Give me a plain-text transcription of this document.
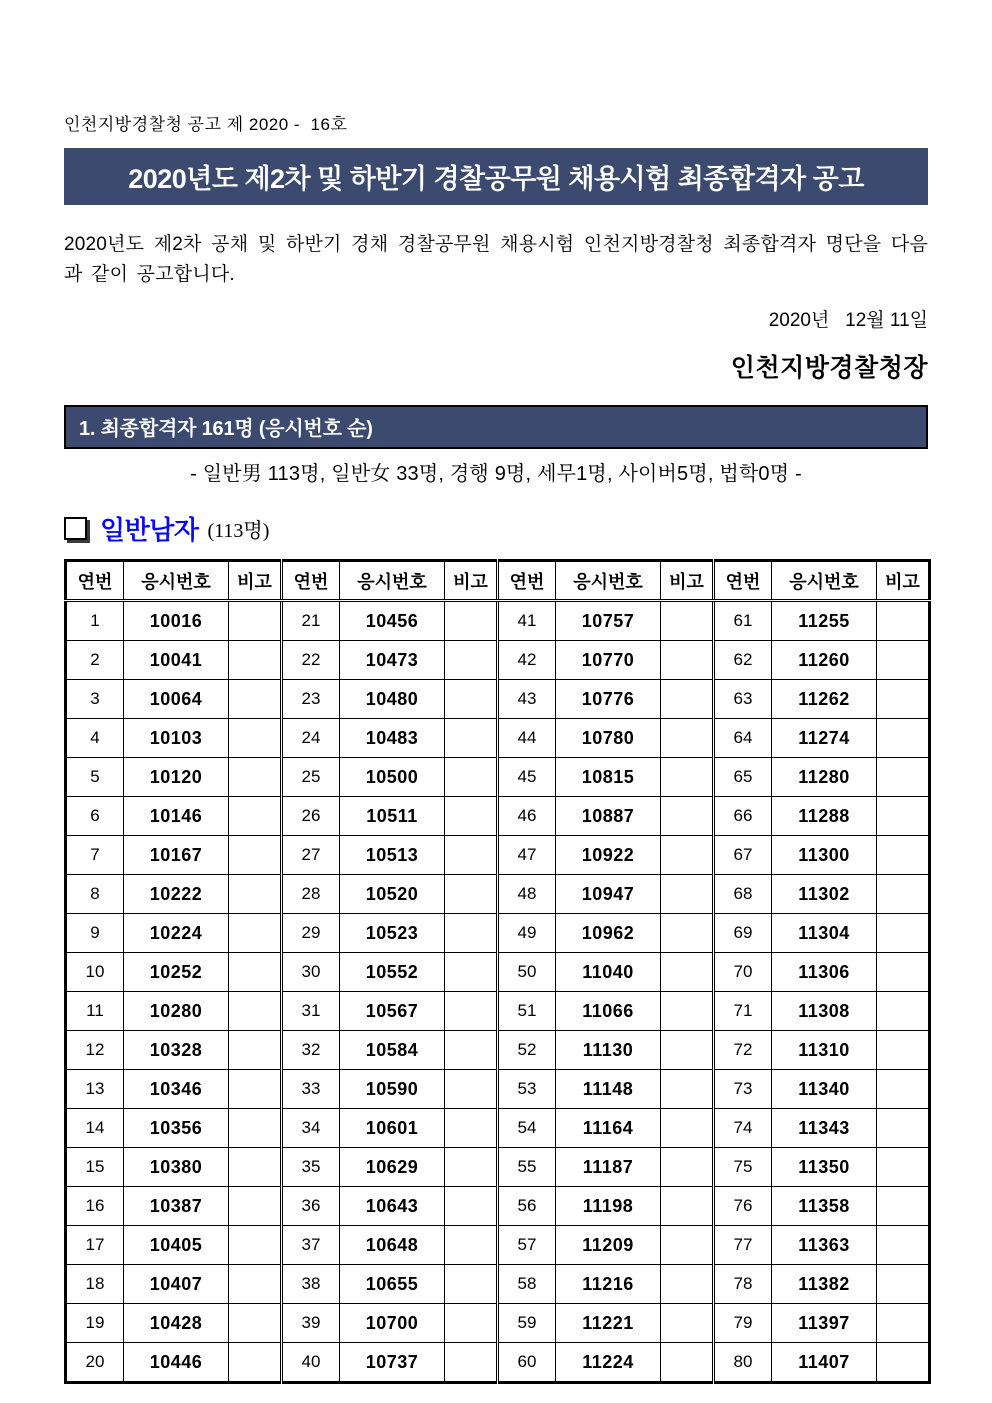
인천지방경찰청 공고 제 2020 -  16호
2020년도 제2차 및 하반기 경찰공무원 채용시험 최종합격자 공고
2020년도 제2차 공채 및 하반기 경채 경찰공무원 채용시험 인천지방경찰청 최종합격자 명단을 다음과 같이 공고합니다.
2020년   12월 11일
인천지방경찰청장
1. 최종합격자 161명 (응시번호 순)
- 일반男 113명, 일반女 33명, 경행 9명, 세무1명, 사이버5명, 법학0명 -
일반남자 (113명)
연번	응시번호	비고	연번	응시번호	비고	연번	응시번호	비고	연번	응시번호	비고
1	10016		21	10456		41	10757		61	11255	
2	10041		22	10473		42	10770		62	11260	
3	10064		23	10480		43	10776		63	11262	
4	10103		24	10483		44	10780		64	11274	
5	10120		25	10500		45	10815		65	11280	
6	10146		26	10511		46	10887		66	11288	
7	10167		27	10513		47	10922		67	11300	
8	10222		28	10520		48	10947		68	11302	
9	10224		29	10523		49	10962		69	11304	
10	10252		30	10552		50	11040		70	11306	
11	10280		31	10567		51	11066		71	11308	
12	10328		32	10584		52	11130		72	11310	
13	10346		33	10590		53	11148		73	11340	
14	10356		34	10601		54	11164		74	11343	
15	10380		35	10629		55	11187		75	11350	
16	10387		36	10643		56	11198		76	11358	
17	10405		37	10648		57	11209		77	11363	
18	10407		38	10655		58	11216		78	11382	
19	10428		39	10700		59	11221		79	11397	
20	10446		40	10737		60	11224		80	11407	
